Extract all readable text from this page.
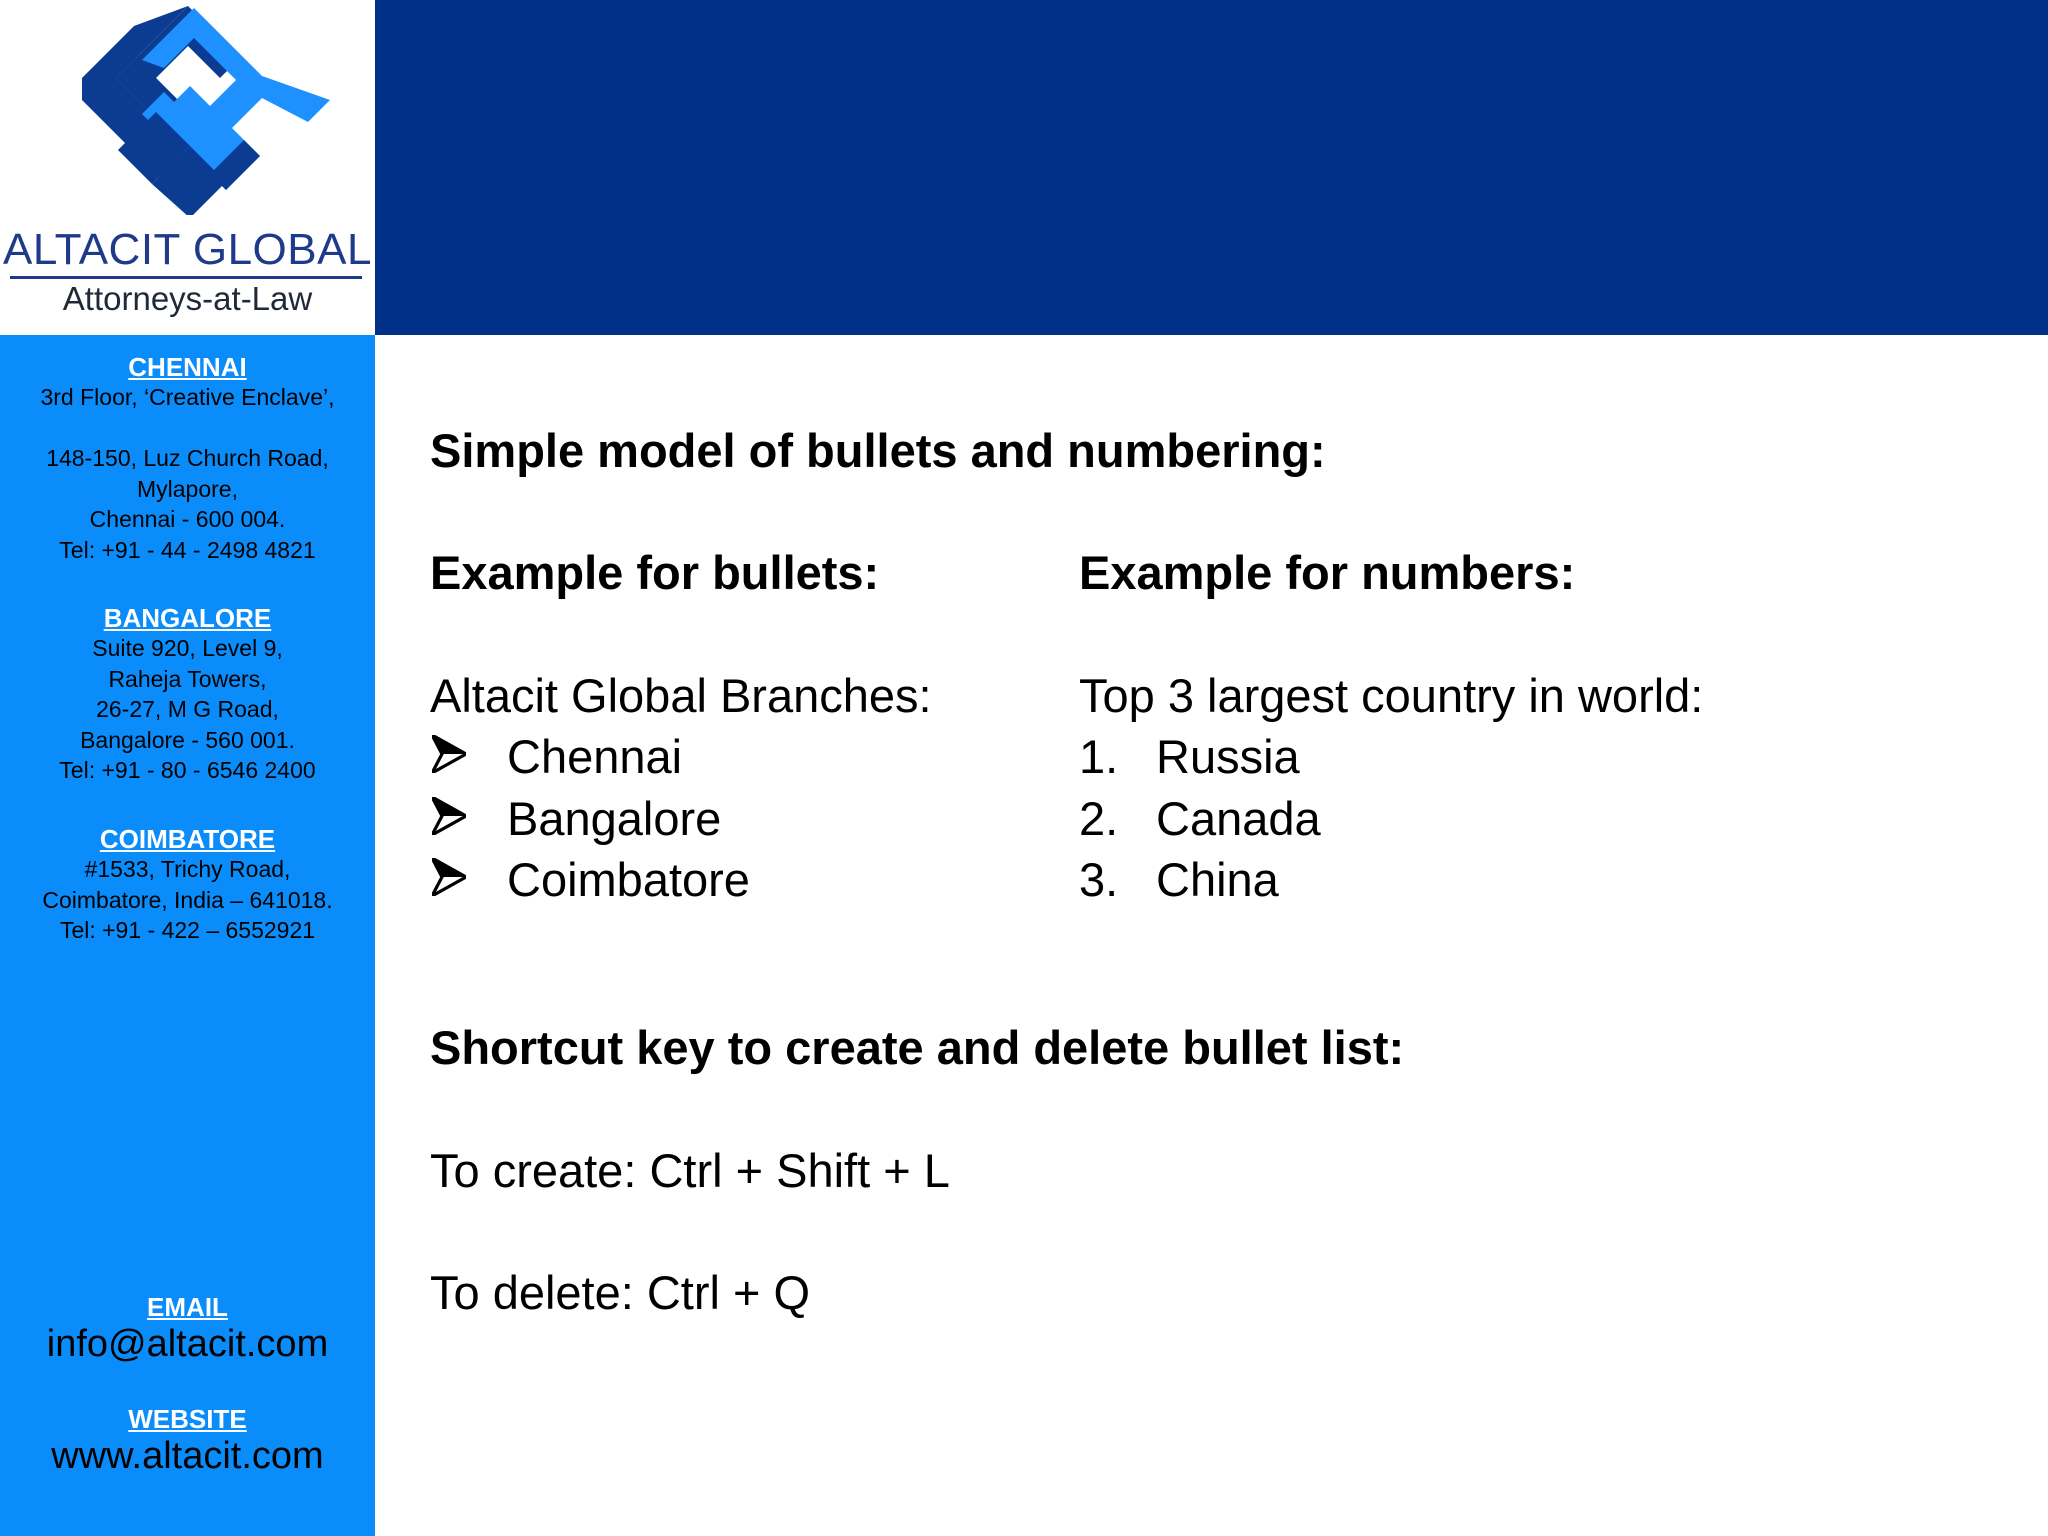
ALTACIT GLOBAL
Attorneys-at-Law
CHENNAI
3rd Floor, ‘Creative Enclave’,

148-150, Luz Church Road,
Mylapore,
Chennai - 600 004.
Tel: +91 - 44 - 2498 4821
BANGALORE
Suite 920, Level 9,
Raheja Towers,
26-27, M G Road,
Bangalore - 560 001.
Tel: +91 - 80 - 6546 2400
COIMBATORE
#1533, Trichy Road,
Coimbatore, India – 641018.
Tel: +91 - 422 – 6552921
EMAIL
info@altacit.com
WEBSITE
www.altacit.com
Simple model of bullets and numbering:
Example for bullets:
Altacit Global Branches:
Chennai
Bangalore
Coimbatore
Example for numbers:
Top 3 largest country in world:
1. Russia
2. Canada
3. China
Shortcut key to create and delete bullet list:
To create: Ctrl + Shift + L
To delete: Ctrl + Q
